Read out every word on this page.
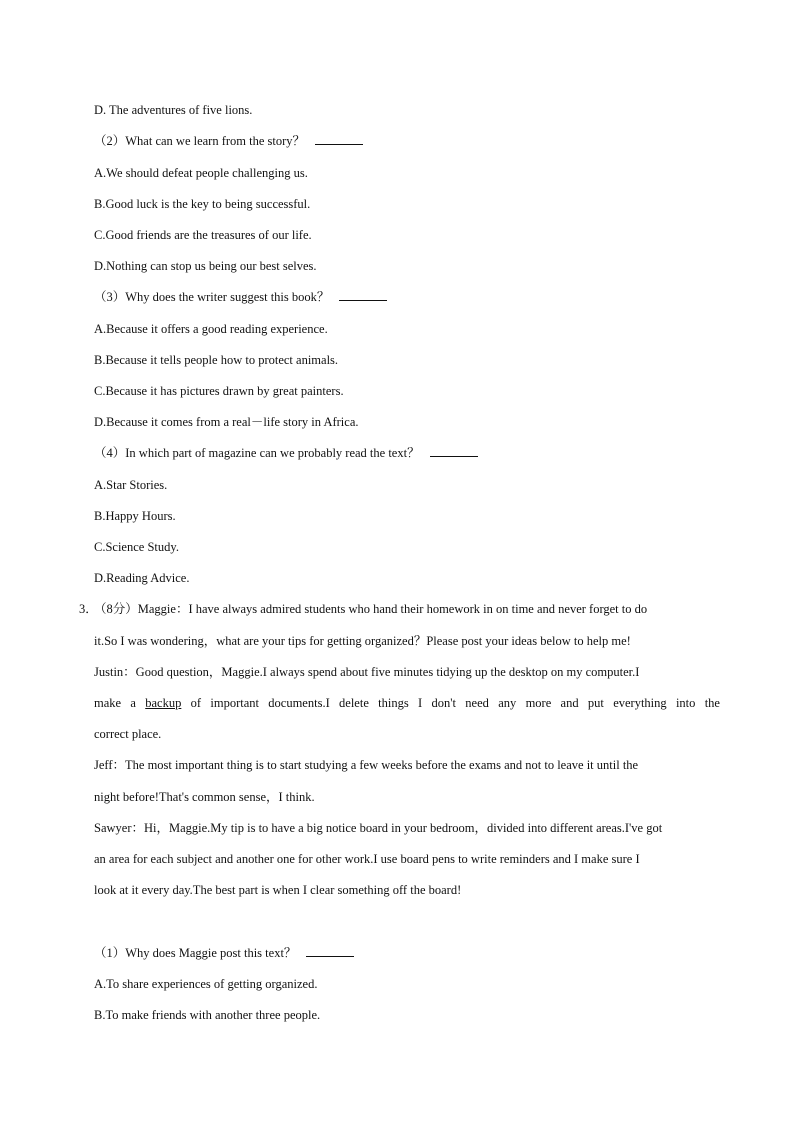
D. The adventures of five lions.
（2）What can we learn from the story？
A.We should defeat people challenging us.
B.Good luck is the key to being successful.
C.Good friends are the treasures of our life.
D.Nothing can stop us being our best selves.
（3）Why does the writer suggest this book？
A.Because it offers a good reading experience.
B.Because it tells people how to protect animals.
C.Because it has pictures drawn by great painters.
D.Because it comes from a real－life story in Africa.
（4）In which part of magazine can we probably read the text？
A.Star Stories.
B.Happy Hours.
C.Science Study.
D.Reading Advice.
3．
（8分）Maggie：I have always admired students who hand their homework in on time and never forget to do
it.So I was wondering，what are your tips for getting organized？Please post your ideas below to help me!
Justin：Good question，Maggie.I always spend about five minutes tidying up the desktop on my computer.I
make a backup of important documents.I delete things I don't need any more and put everything into the
correct place.
Jeff：The most important thing is to start studying a few weeks before the exams and not to leave it until the
night before!That's common sense，I think.
Sawyer：Hi，Maggie.My tip is to have a big notice board in your bedroom，divided into different areas.I've got
an area for each subject and another one for other work.I use board pens to write reminders and I make sure I
look at it every day.The best part is when I clear something off the board!
（1）Why does Maggie post this text？
A.To share experiences of getting organized.
B.To make friends with another three people.
